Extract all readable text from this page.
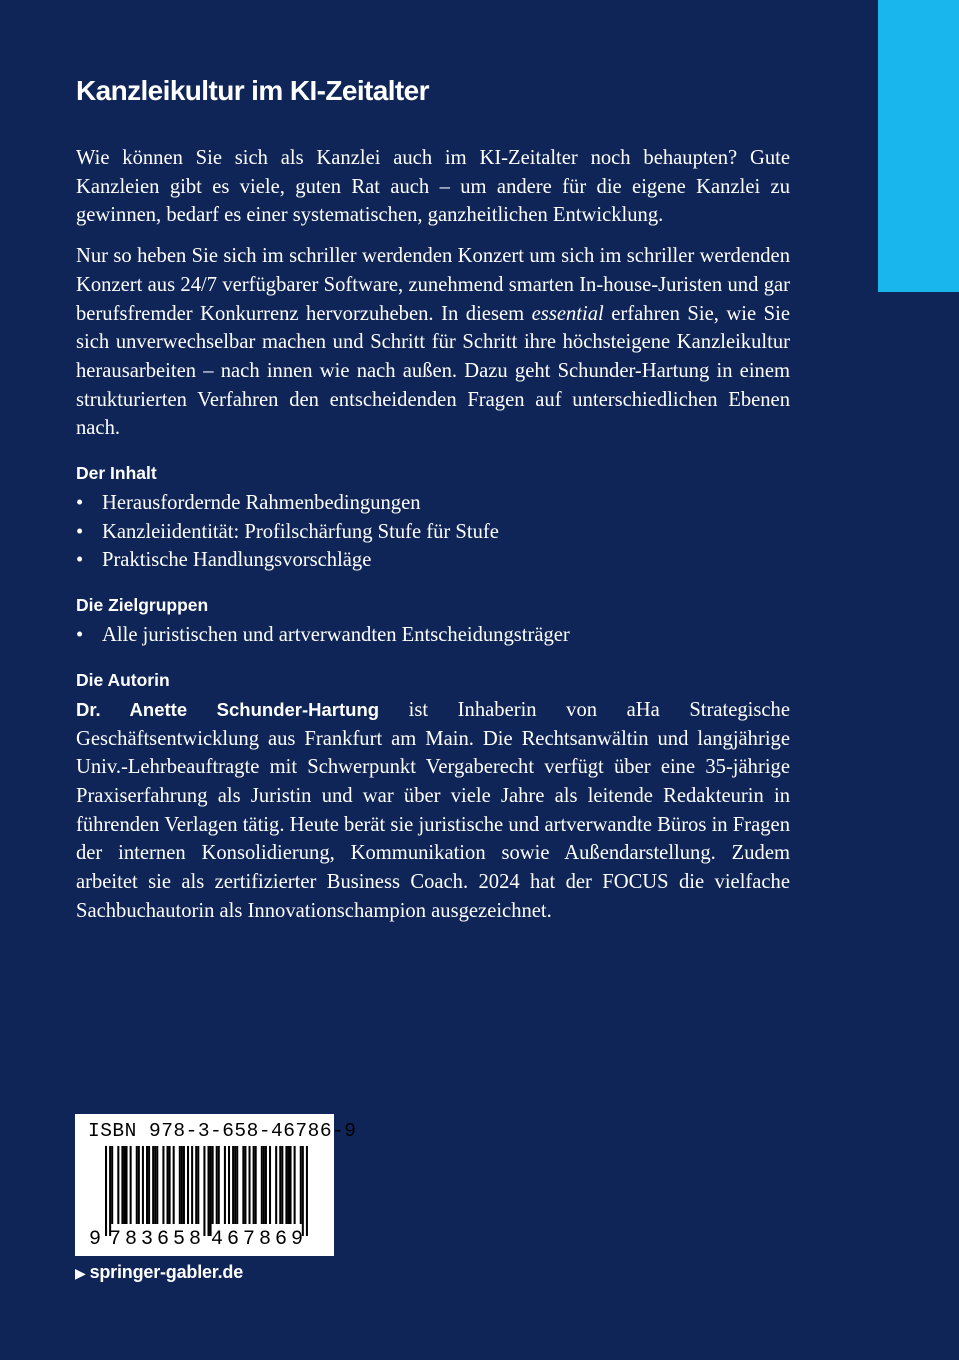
Kanzleikultur im KI-Zeitalter

Wie können Sie sich als Kanzlei auch im KI-Zeitalter noch behaupten? Gute Kanzleien gibt es viele, guten Rat auch – um andere für die eigene Kanzlei zu gewinnen, bedarf es einer systematischen, ganzheitlichen Entwicklung.

Nur so heben Sie sich im schriller werdenden Konzert um sich im schriller werdenden Konzert aus 24/7 verfügbarer Software, zunehmend smarten In-house-Juristen und gar berufsfremder Konkurrenz hervorzuheben. In diesem essential erfahren Sie, wie Sie sich unverwechselbar machen und Schritt für Schritt ihre höchsteigene Kanzleikultur herausarbeiten – nach innen wie nach außen. Dazu geht Schunder-Hartung in einem strukturierten Verfahren den entscheidenden Fragen auf unterschiedlichen Ebenen nach.

Der Inhalt
• Herausfordernde Rahmenbedingungen
• Kanzleiidentität: Profilschärfung Stufe für Stufe
• Praktische Handlungsvorschläge
Die Zielgruppen
• Alle juristischen und artverwandten Entscheidungsträger
Die Autorin

Dr. Anette Schunder-Hartung ist Inhaberin von aHa Strategische Geschäftsentwicklung aus Frankfurt am Main. Die Rechtsanwältin und langjährige Univ.-Lehrbeauftragte mit Schwerpunkt Vergaberecht verfügt über eine 35-jährige Praxiserfahrung als Juristin und war über viele Jahre als leitende Redakteurin in führenden Verlagen tätig. Heute berät sie juristische und artverwandte Büros in Fragen der internen Konsolidierung, Kommunikation sowie Außendarstellung. Zudem arbeitet sie als zertifizierter Business Coach. 2024 hat der FOCUS die vielfache Sachbuchautorin als Innovationschampion ausgezeichnet.

ISBN 978-3-658-46786-9
9 7 8 3 6 5 8 4 6 7 8 6 9
▶ springer-gabler.de
